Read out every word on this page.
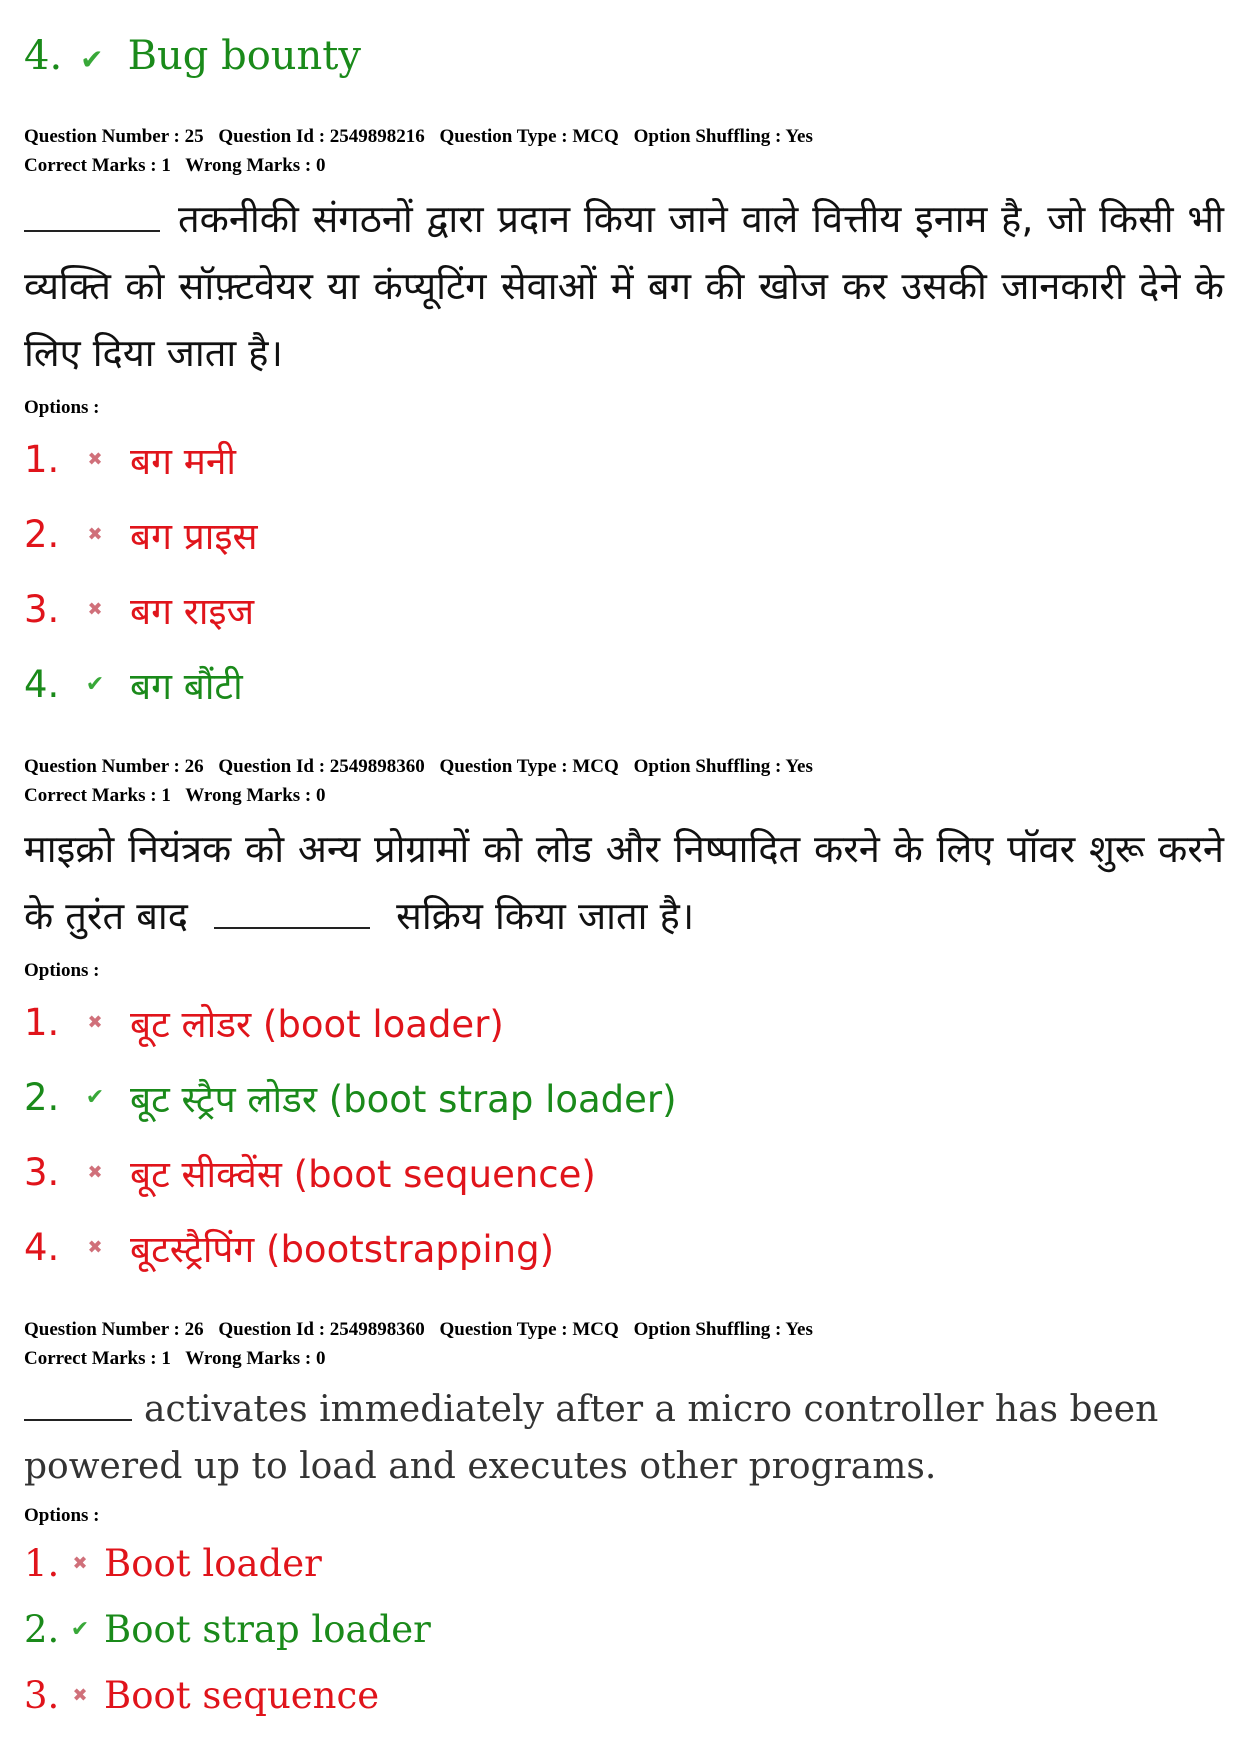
4. ✔ Bug bounty
Question Number : 25 Question Id : 2549898216 Question Type : MCQ Option Shuffling : Yes
Correct Marks : 1 Wrong Marks : 0
तकनीकी संगठनों द्वारा प्रदान किया जाने वाले वित्तीय इनाम है, जो किसी भी व्यक्ति को सॉफ़्टवेयर या कंप्यूटिंग सेवाओं में बग की खोज कर उसकी जानकारी देने के लिए दिया जाता है।
Options :
1.	✖ बग मनी
2.	✖ बग प्राइस
3.	✖ बग राइज
4.	✔ बग बौंटी
Question Number : 26 Question Id : 2549898360 Question Type : MCQ Option Shuffling : Yes
Correct Marks : 1 Wrong Marks : 0
माइक्रो नियंत्रक को अन्य प्रोग्रामों को लोड और निष्पादित करने के लिए पॉवर शुरू करने के तुरंत बाद	सक्रिय किया जाता है।
Options :
1.	✖ बूट लोडर (boot loader)
2.	✔ बूट स्ट्रैप लोडर (boot strap loader)
3.	✖ बूट सीक्वेंस (boot sequence)
4.	✖ बूटस्ट्रैपिंग (bootstrapping)
Question Number : 26 Question Id : 2549898360 Question Type : MCQ Option Shuffling : Yes
Correct Marks : 1 Wrong Marks : 0
activates immediately after a micro controller has been
powered up to load and executes other programs.
Options :
1. ✖ Boot loader
2. ✔ Boot strap loader
3. ✖ Boot sequence
